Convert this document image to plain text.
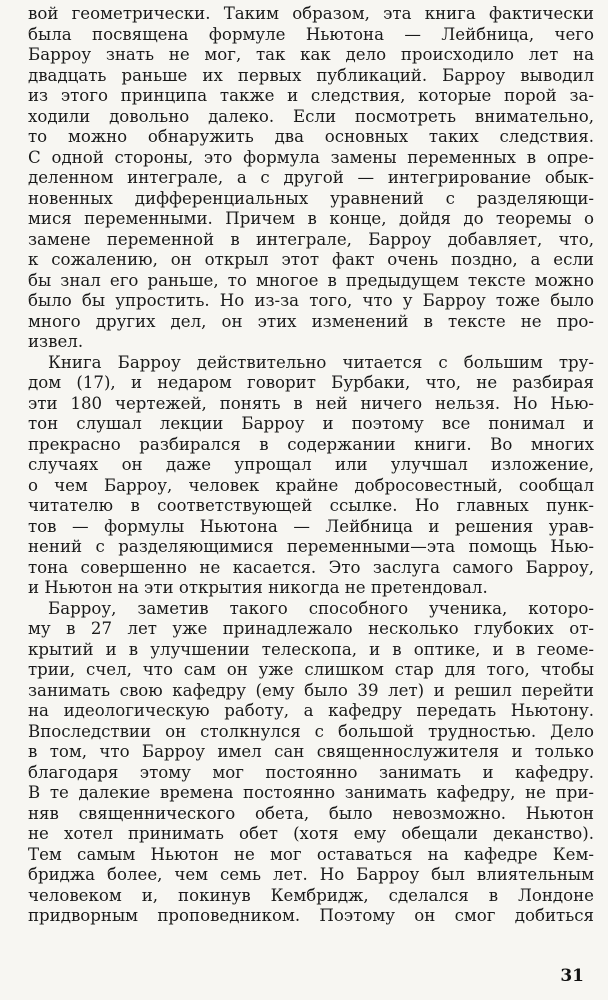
вой геометрически. Таким образом, эта книга фактически
была посвящена формуле Ньютона — Лейбница, чего
Барроу знать не мог, так как дело происходило лет на
двадцать раньше их первых публикаций. Барроу выводил
из этого принципа также и следствия, которые порой за-
ходили довольно далеко. Если посмотреть внимательно,
то можно обнаружить два основных таких следствия.
С одной стороны, это формула замены переменных в опре-
деленном интеграле, а с другой — интегрирование обык-
новенных дифференциальных уравнений с разделяющи-
мися переменными. Причем в конце, дойдя до теоремы о
замене переменной в интеграле, Барроу добавляет, что,
к сожалению, он открыл этот факт очень поздно, а если
бы знал его раньше, то многое в предыдущем тексте можно
было бы упростить. Но из-за того, что у Барроу тоже было
много других дел, он этих изменений в тексте не про-
извел.
Книга Барроу действительно читается с большим тру-
дом (17), и недаром говорит Бурбаки, что, не разбирая
эти 180 чертежей, понять в ней ничего нельзя. Но Нью-
тон слушал лекции Барроу и поэтому все понимал и
прекрасно разбирался в содержании книги. Во многих
случаях он даже упрощал или улучшал изложение,
о чем Барроу, человек крайне добросовестный, сообщал
читателю в соответствующей ссылке. Но главных пунк-
тов — формулы Ньютона — Лейбница и решения урав-
нений с разделяющимися переменными—эта помощь Нью-
тона совершенно не касается. Это заслуга самого Барроу,
и Ньютон на эти открытия никогда не претендовал.
Барроу, заметив такого способного ученика, которо-
му в 27 лет уже принадлежало несколько глубоких от-
крытий и в улучшении телескопа, и в оптике, и в геоме-
трии, счел, что сам он уже слишком стар для того, чтобы
занимать свою кафедру (ему было 39 лет) и решил перейти
на идеологическую работу, а кафедру передать Ньютону.
Впоследствии он столкнулся с большой трудностью. Дело
в том, что Барроу имел сан священнослужителя и только
благодаря этому мог постоянно занимать и кафедру.
В те далекие времена постоянно занимать кафедру, не при-
няв священнического обета, было невозможно. Ньютон
не хотел принимать обет (хотя ему обещали деканство).
Тем самым Ньютон не мог оставаться на кафедре Кем-
бриджа более, чем семь лет. Но Барроу был влиятельным
человеком и, покинув Кембридж, сделался в Лондоне
придворным проповедником. Поэтому он смог добиться
31
